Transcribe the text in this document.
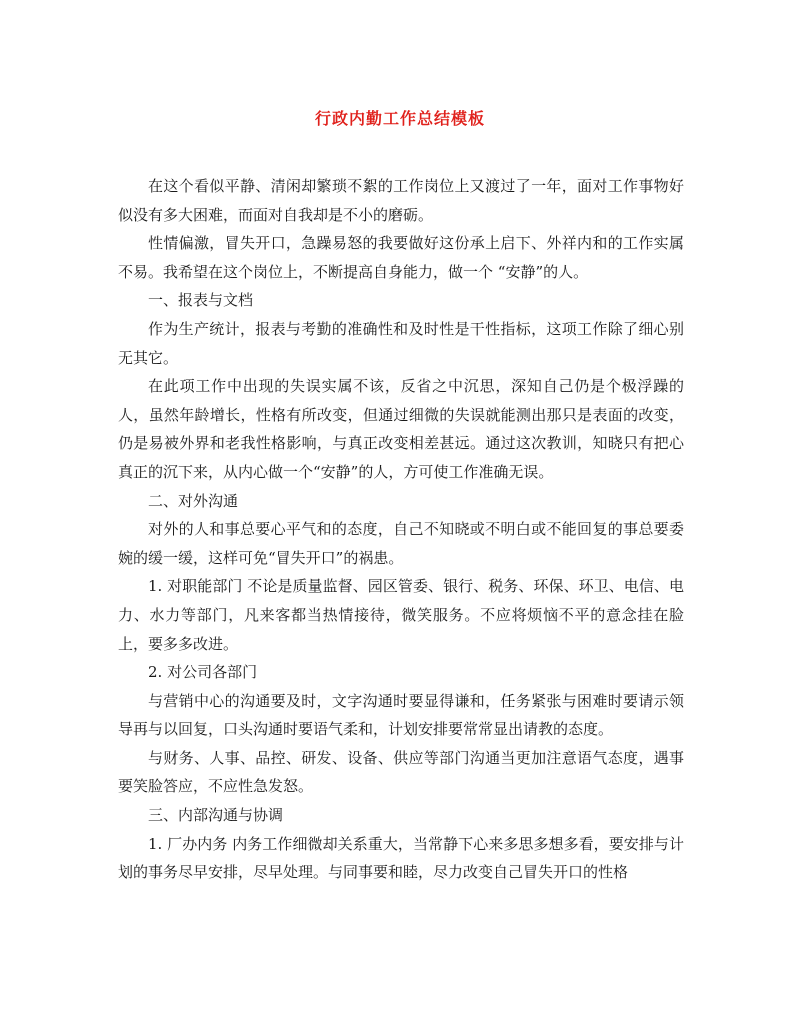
行政内勤工作总结模板

在这个看似平静、清闲却繁琐不絮的工作岗位上又渡过了一年，面对工作事物好似没有多大困难，而面对自我却是不小的磨砺。

性情偏激，冒失开口，急躁易怒的我要做好这份承上启下、外祥内和的工作实属不易。我希望在这个岗位上，不断提高自身能力，做一个 “安静”的人。

一、报表与文档

作为生产统计，报表与考勤的准确性和及时性是干性指标，这项工作除了细心别无其它。

在此项工作中出现的失误实属不该，反省之中沉思，深知自己仍是个极浮躁的人，虽然年龄增长，性格有所改变，但通过细微的失误就能测出那只是表面的改变，仍是易被外界和老我性格影响，与真正改变相差甚远。通过这次教训，知晓只有把心真正的沉下来，从内心做一个“安静”的人，方可使工作准确无误。

二、对外沟通

对外的人和事总要心平气和的态度，自己不知晓或不明白或不能回复的事总要委婉的缓一缓，这样可免“冒失开口”的祸患。

1. 对职能部门 不论是质量监督、园区管委、银行、税务、环保、环卫、电信、电力、水力等部门，凡来客都当热情接待，微笑服务。不应将烦恼不平的意念挂在脸上，要多多改进。

2. 对公司各部门

与营销中心的沟通要及时，文字沟通时要显得谦和，任务紧张与困难时要请示领导再与以回复，口头沟通时要语气柔和，计划安排要常常显出请教的态度。

与财务、人事、品控、研发、设备、供应等部门沟通当更加注意语气态度，遇事要笑脸答应，不应性急发怒。

三、内部沟通与协调

1. 厂办内务 内务工作细微却关系重大，当常静下心来多思多想多看，要安排与计划的事务尽早安排，尽早处理。与同事要和睦，尽力改变自己冒失开口的性格
